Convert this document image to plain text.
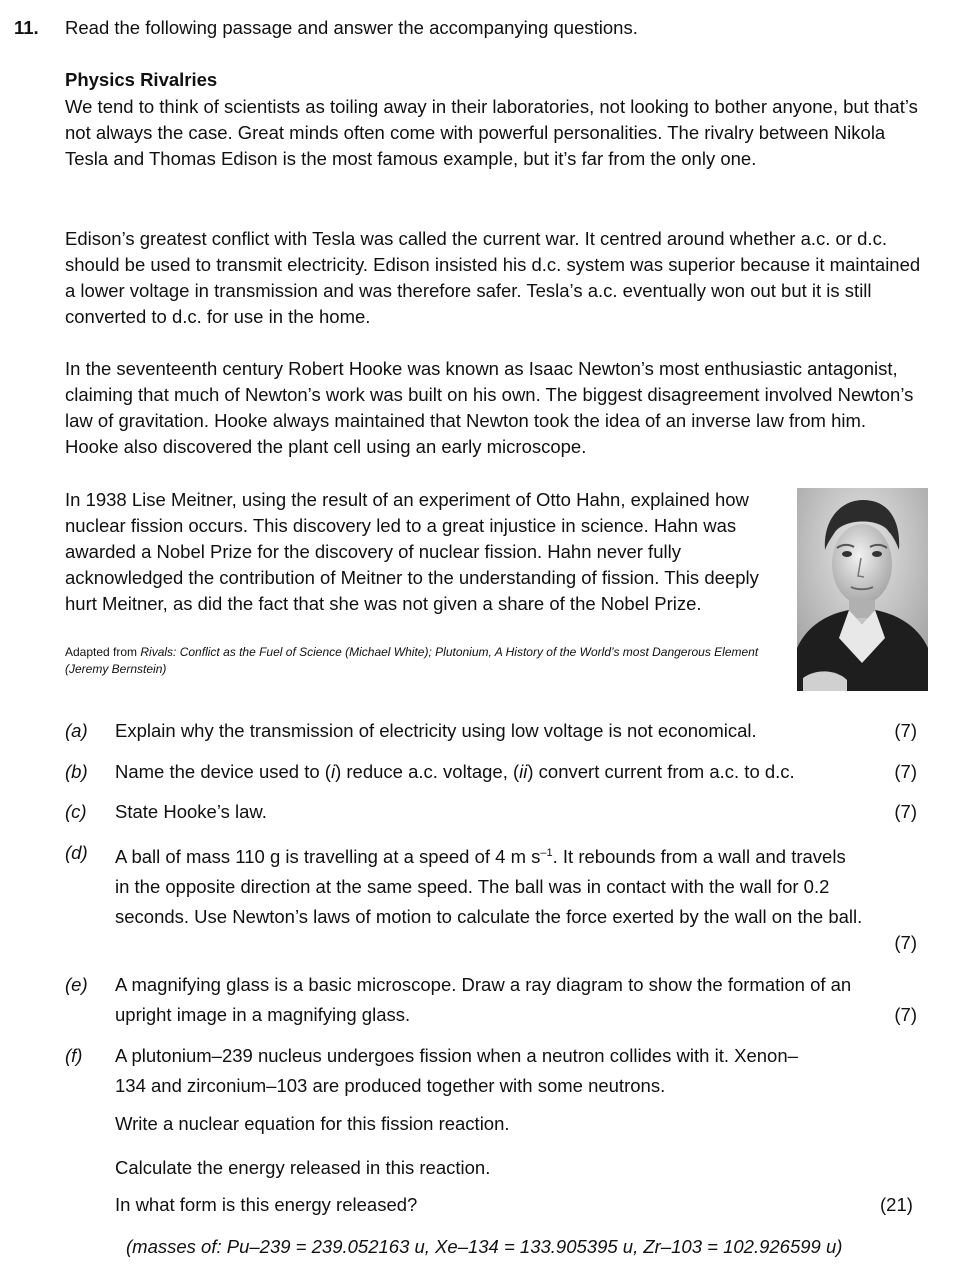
11. Read the following passage and answer the accompanying questions.
Physics Rivalries

We tend to think of scientists as toiling away in their laboratories, not looking to bother anyone, but that’s not always the case. Great minds often come with powerful personalities. The rivalry between Nikola Tesla and Thomas Edison is the most famous example, but it’s far from the only one.

Edison’s greatest conflict with Tesla was called the current war. It centred around whether a.c. or d.c. should be used to transmit electricity. Edison insisted his d.c. system was superior because it maintained a lower voltage in transmission and was therefore safer. Tesla’s a.c. eventually won out but it is still converted to d.c. for use in the home.

In the seventeenth century Robert Hooke was known as Isaac Newton’s most enthusiastic antagonist, claiming that much of Newton’s work was built on his own. The biggest disagreement involved Newton’s law of gravitation. Hooke always maintained that Newton took the idea of an inverse law from him. Hooke also discovered the plant cell using an early microscope.

In 1938 Lise Meitner, using the result of an experiment of Otto Hahn, explained how nuclear fission occurs. This discovery led to a great injustice in science. Hahn was awarded a Nobel Prize for the discovery of nuclear fission. Hahn never fully acknowledged the contribution of Meitner to the understanding of fission. This deeply hurt Meitner, as did the fact that she was not given a share of the Nobel Prize.

Adapted from Rivals: Conflict as the Fuel of Science (Michael White); Plutonium, A History of the World’s most Dangerous Element (Jeremy Bernstein)
(a) Explain why the transmission of electricity using low voltage is not economical.	(7)
(b) Name the device used to (i) reduce a.c. voltage, (ii) convert current from a.c. to d.c.	(7)
(c) State Hooke’s law.	(7)
(d) A ball of mass 110 g is travelling at a speed of 4 m $s^{-1}$. It rebounds from a wall and travels in the opposite direction at the same speed. The ball was in contact with the wall for 0.2 seconds. Use Newton’s laws of motion to calculate the force exerted by the wall on the ball.
(7)
(e) A magnifying glass is a basic microscope. Draw a ray diagram to show the formation of an upright image in a magnifying glass.	(7)
(f) A plutonium–239 nucleus undergoes fission when a neutron collides with it. Xenon–134 and zirconium–103 are produced together with some neutrons.
Write a nuclear equation for this fission reaction.
Calculate the energy released in this reaction.
In what form is this energy released?	(21)
(masses of: Pu–239 = 239.052163 u, Xe–134 = 133.905395 u, Zr–103 = 102.926599 u)
